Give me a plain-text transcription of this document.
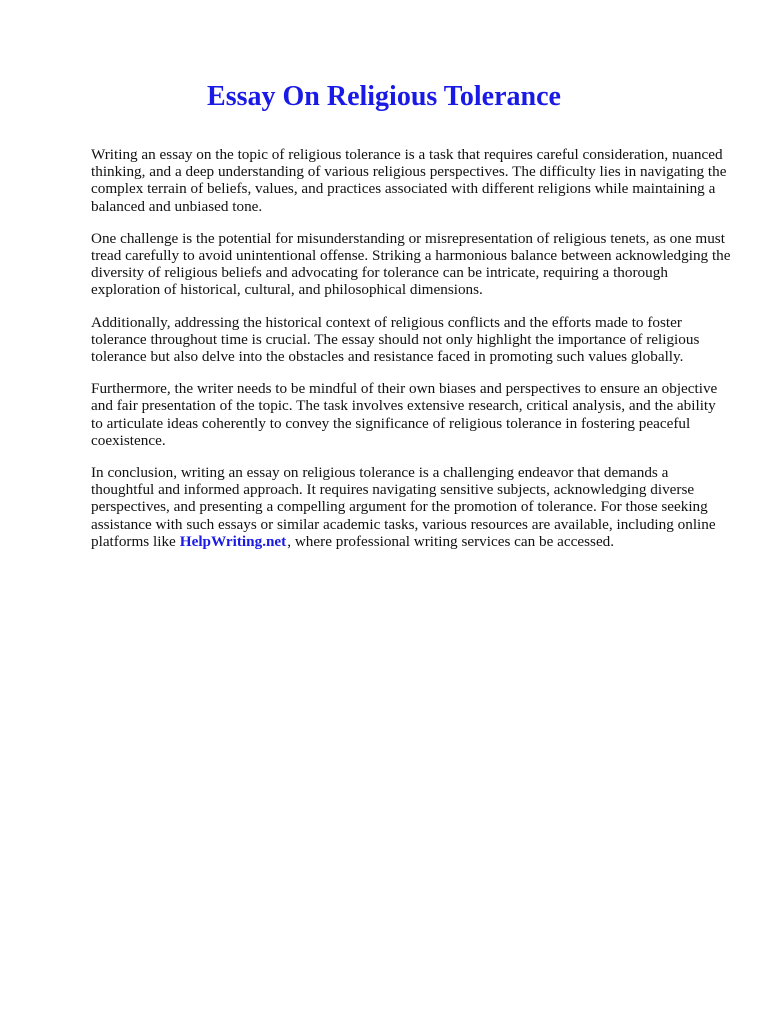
Essay On Religious Tolerance

Writing an essay on the topic of religious tolerance is a task that requires careful consideration, nuanced thinking, and a deep understanding of various religious perspectives. The difficulty lies in navigating the complex terrain of beliefs, values, and practices associated with different religions while maintaining a balanced and unbiased tone.

One challenge is the potential for misunderstanding or misrepresentation of religious tenets, as one must tread carefully to avoid unintentional offense. Striking a harmonious balance between acknowledging the diversity of religious beliefs and advocating for tolerance can be intricate, requiring a thorough exploration of historical, cultural, and philosophical dimensions.

Additionally, addressing the historical context of religious conflicts and the efforts made to foster tolerance throughout time is crucial. The essay should not only highlight the importance of religious tolerance but also delve into the obstacles and resistance faced in promoting such values globally.

Furthermore, the writer needs to be mindful of their own biases and perspectives to ensure an objective and fair presentation of the topic. The task involves extensive research, critical analysis, and the ability to articulate ideas coherently to convey the significance of religious tolerance in fostering peaceful coexistence.

In conclusion, writing an essay on religious tolerance is a challenging endeavor that demands a thoughtful and informed approach. It requires navigating sensitive subjects, acknowledging diverse perspectives, and presenting a compelling argument for the promotion of tolerance. For those seeking assistance with such essays or similar academic tasks, various resources are available, including online platforms like HelpWriting.net, where professional writing services can be accessed.
